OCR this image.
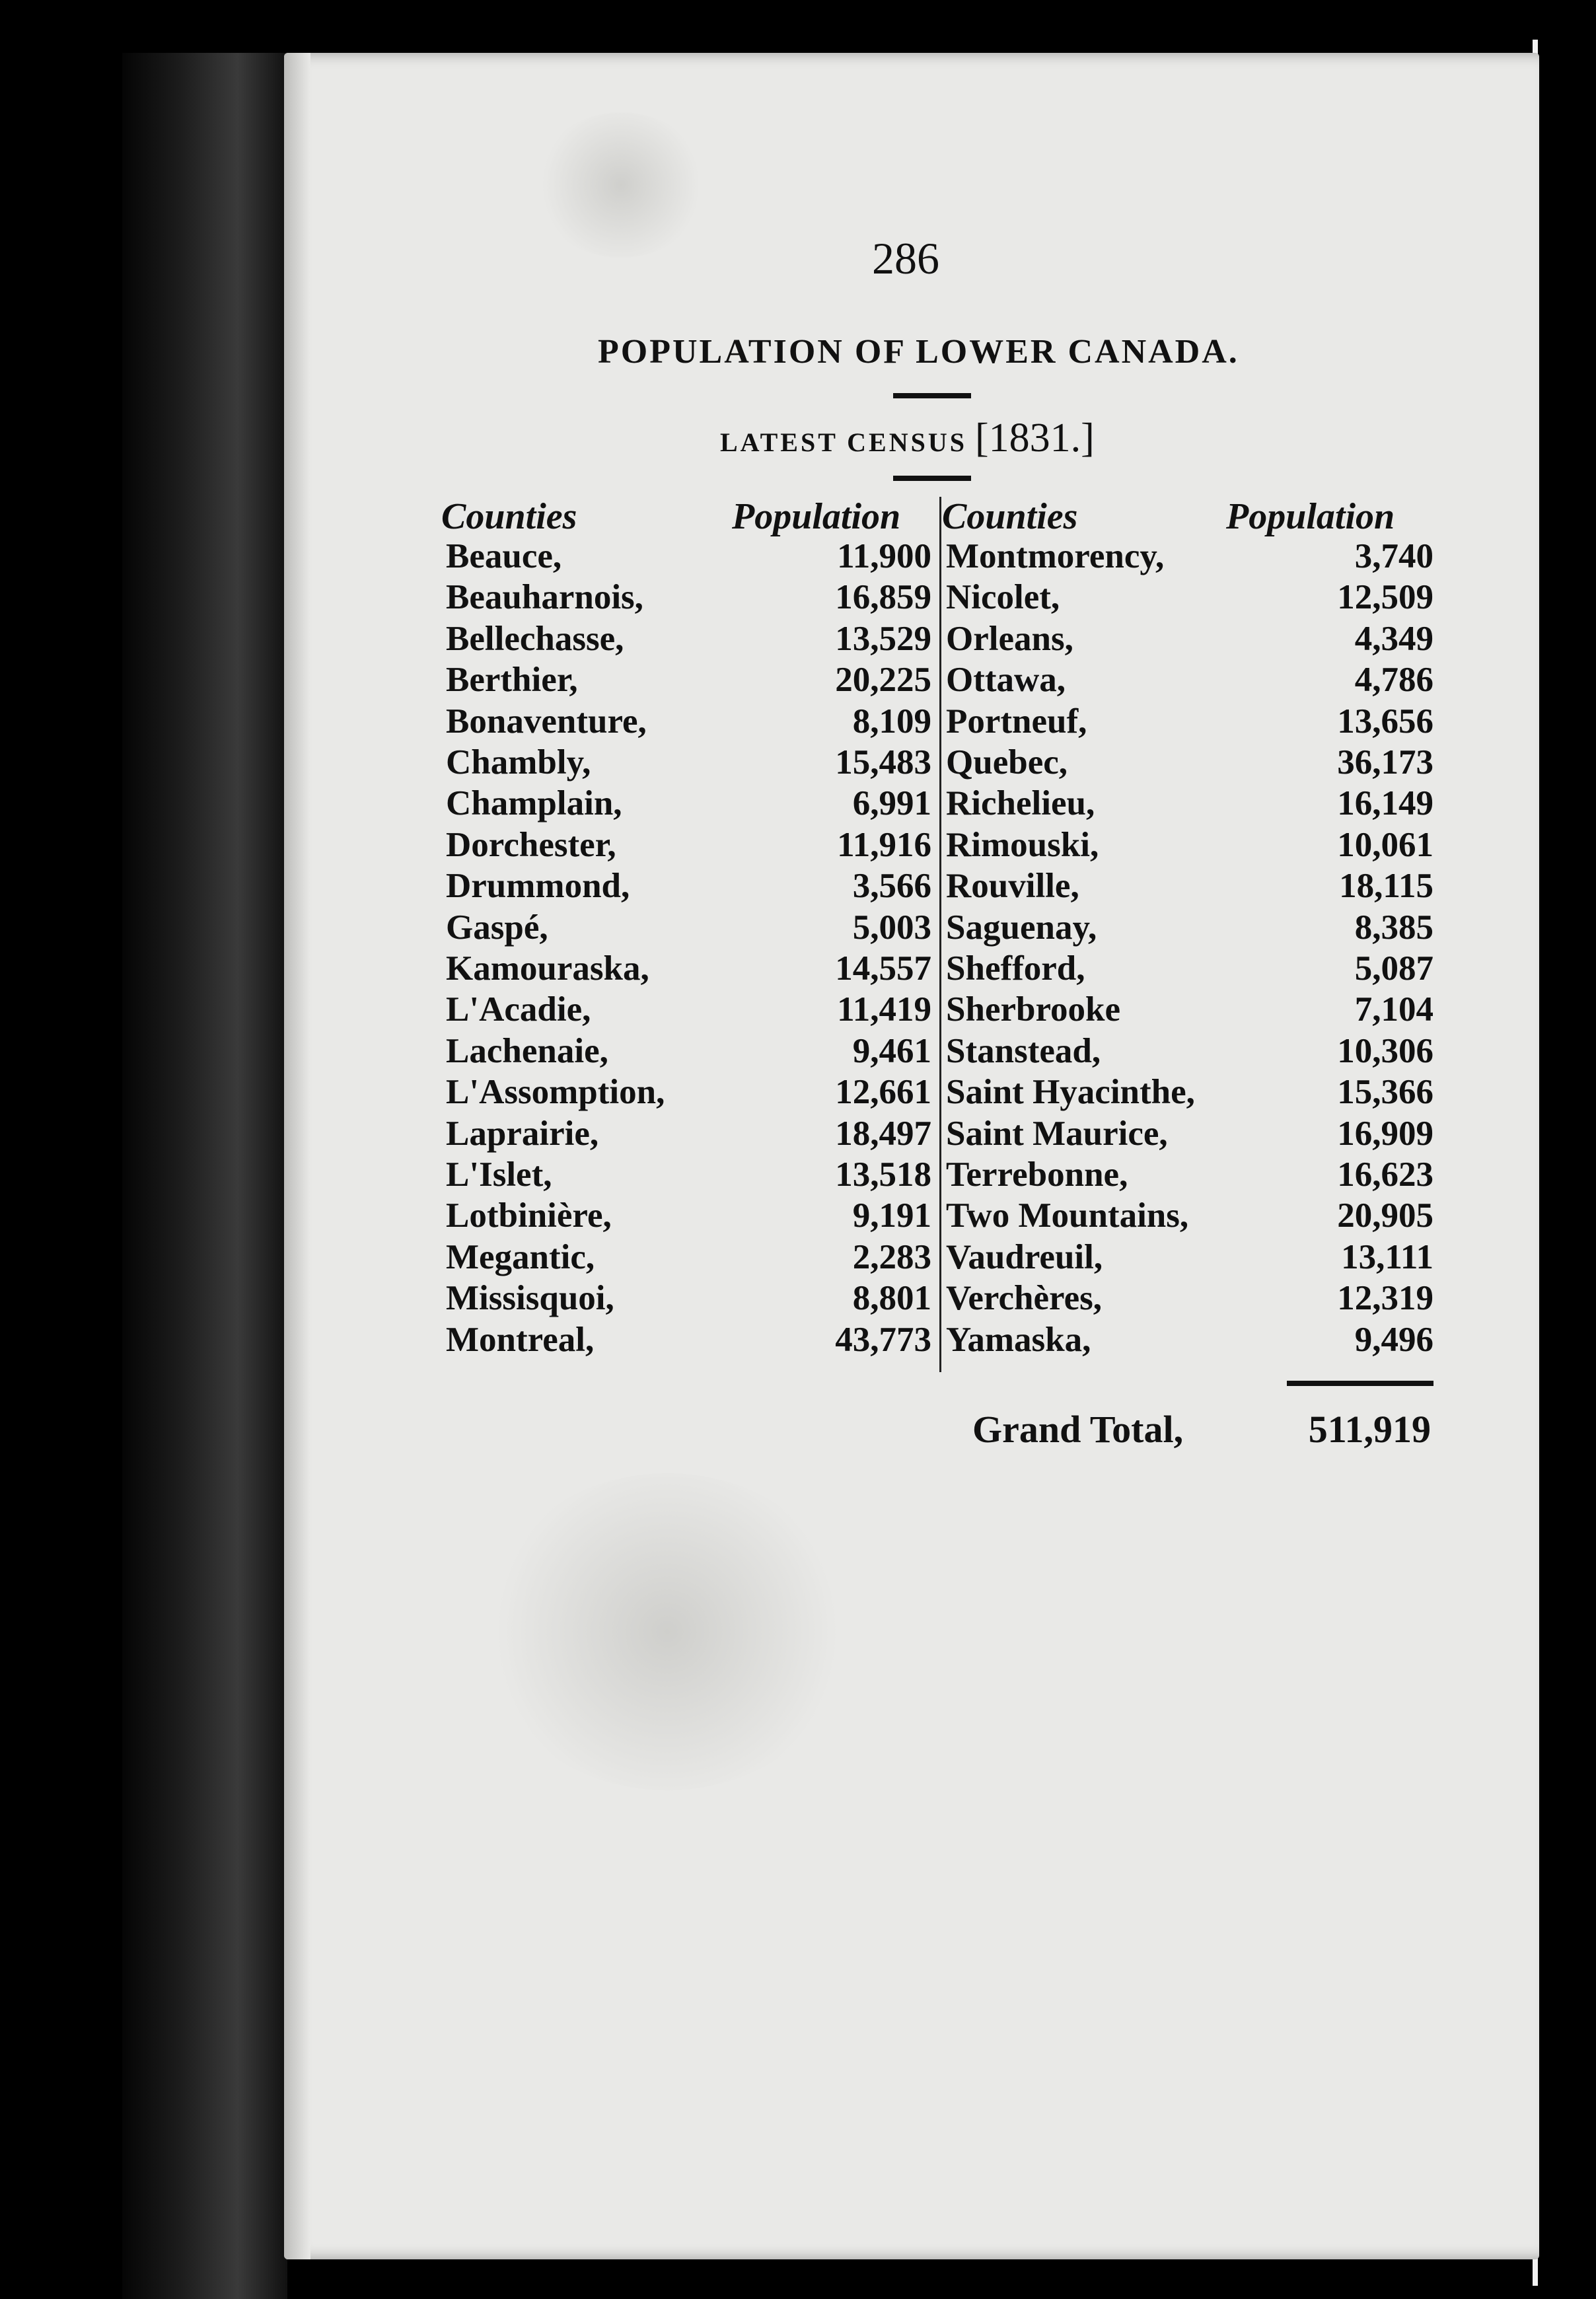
286
POPULATION OF LOWER CANADA.
LATEST CENSUS [1831.]
Counties	Population Counties	Population
Beauce,	11,900
Beauharnois,	16,859
Bellechasse,	13,529
Berthier,	20,225
Bonaventure,	8,109
Chambly,	15,483
Champlain,	6,991
Dorchester,	11,916
Drummond,	3,566
Gaspé,	5,003
Kamouraska,	14,557
L'Acadie,	11,419
Lachenaie,	9,461
L'Assomption,	12,661
Laprairie,	18,497
L'Islet,	13,518
Lotbinière,	9,191
Megantic,	2,283
Missisquoi,	8,801
Montreal,	43,773
Montmorency,	3,740
Nicolet,	12,509
Orleans,	4,349
Ottawa,	4,786
Portneuf,	13,656
Quebec,	36,173
Richelieu,	16,149
Rimouski,	10,061
Rouville,	18,115
Saguenay,	8,385
Shefford,	5,087
Sherbrooke	7,104
Stanstead,	10,306
Saint Hyacinthe,	15,366
Saint Maurice,	16,909
Terrebonne,	16,623
Two Mountains,	20,905
Vaudreuil,	13,111
Verchères,	12,319
Yamaska,	9,496
Grand Total,	511,919
